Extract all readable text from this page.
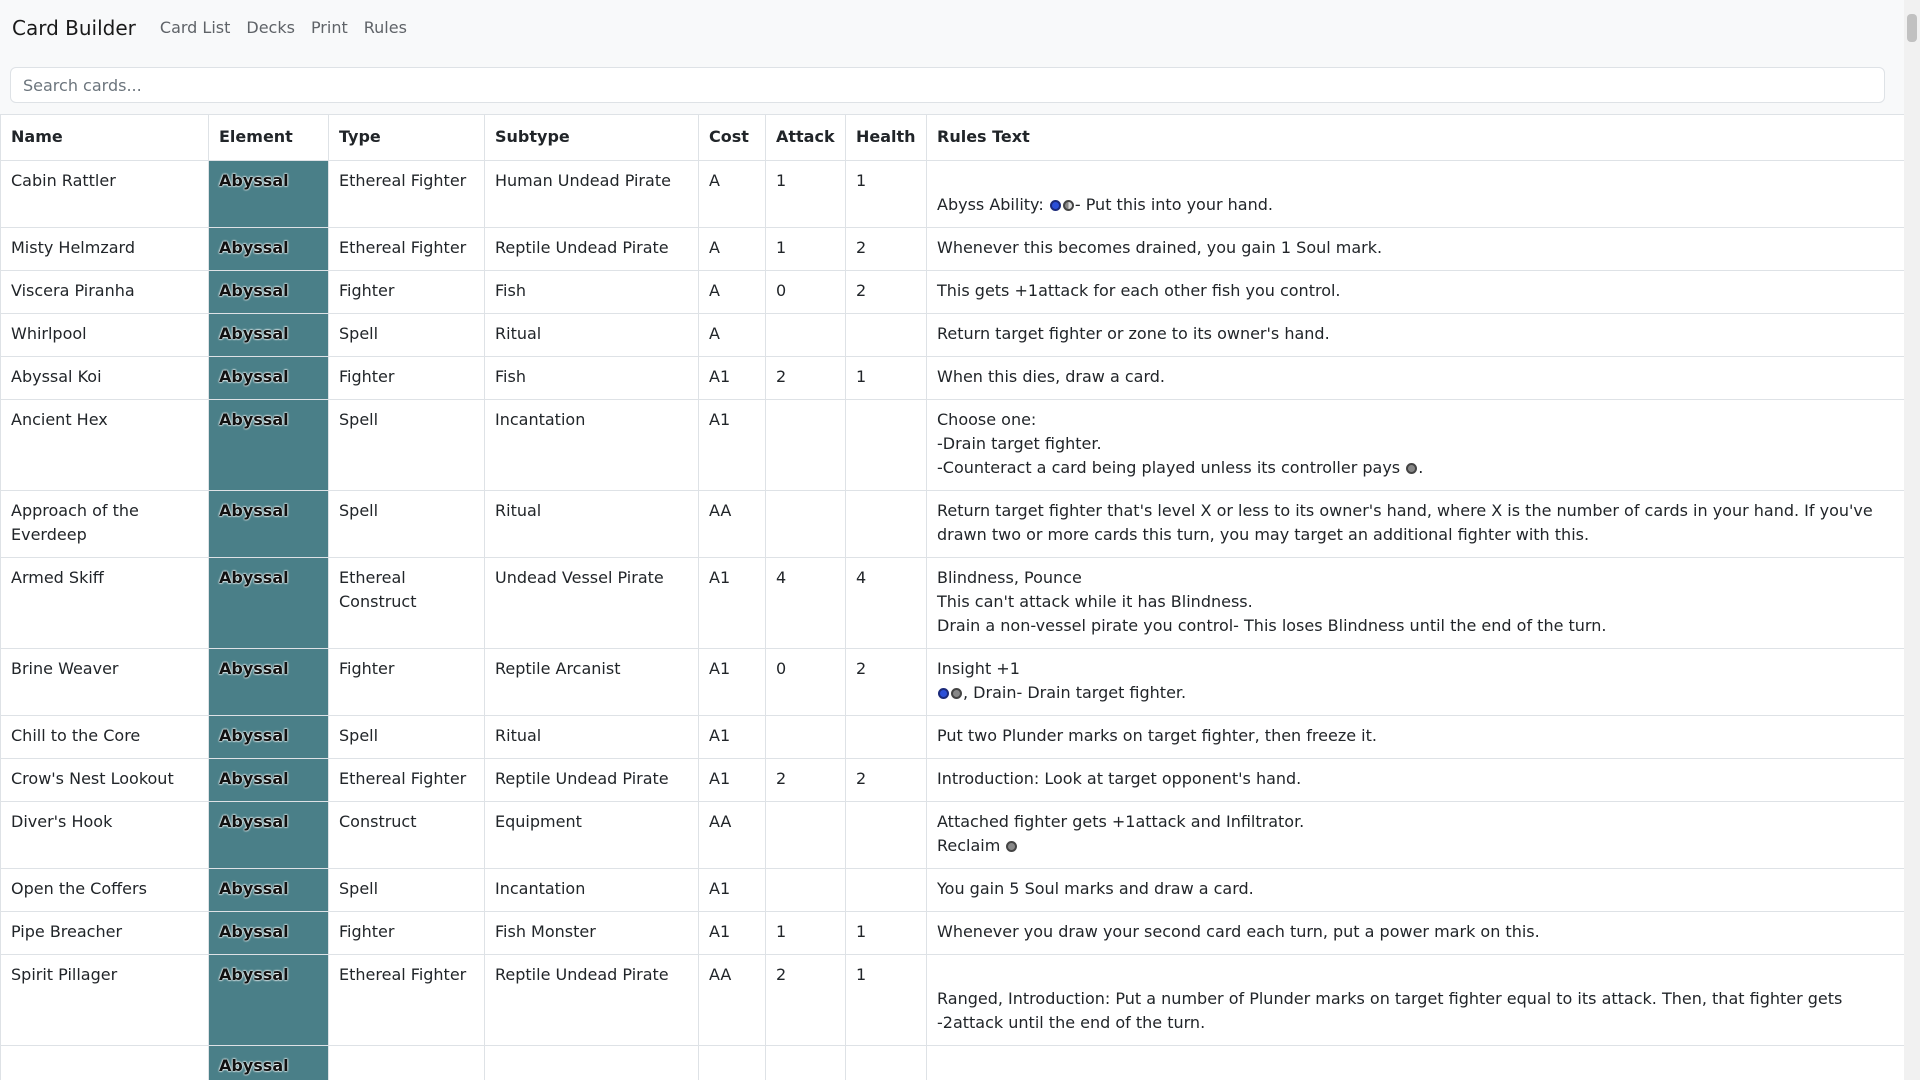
Card Builder Card List Decks Print Rules
Search cards...
Name	Element	Type	Subtype	Cost	Attack	Health	Rules Text
Cabin Rattler	Abyssal	Ethereal Fighter	Human Undead Pirate	A	1	1	Abyss Ability: - Put this into your hand.

Misty Helmzard	Abyssal	Ethereal Fighter	Reptile Undead Pirate	A	1	2	Whenever this becomes drained, you gain 1 Soul mark.

Viscera Piranha	Abyssal	Fighter	Fish	A	0	2	This gets +1attack for each other fish you control.

Whirlpool	Abyssal	Spell	Ritual	A			Return target fighter or zone to its owner's hand.

Abyssal Koi	Abyssal	Fighter	Fish	A1	2	1	When this dies, draw a card.

Ancient Hex	Abyssal	Spell	Incantation	A1			Choose one:
-Drain target fighter.
-Counteract a card being played unless its controller pays .

Approach of the Everdeep	Abyssal	Spell	Ritual	AA			Return target fighter that's level X or less to its owner's hand, where X is the number of cards in your hand. If you've drawn two or more cards this turn, you may target an additional fighter with this.

Armed Skiff	Abyssal	Ethereal Construct	Undead Vessel Pirate	A1	4	4	Blindness, Pounce
This can't attack while it has Blindness.
Drain a non-vessel pirate you control- This loses Blindness until the end of the turn.

Brine Weaver	Abyssal	Fighter	Reptile Arcanist	A1	0	2	Insight +1
, Drain- Drain target fighter.

Chill to the Core	Abyssal	Spell	Ritual	A1			Put two Plunder marks on target fighter, then freeze it.

Crow's Nest Lookout	Abyssal	Ethereal Fighter	Reptile Undead Pirate	A1	2	2	Introduction: Look at target opponent's hand.

Diver's Hook	Abyssal	Construct	Equipment	AA			Attached fighter gets +1attack and Infiltrator.
Reclaim

Open the Coffers	Abyssal	Spell	Incantation	A1			You gain 5 Soul marks and draw a card.

Pipe Breacher	Abyssal	Fighter	Fish Monster	A1	1	1	Whenever you draw your second card each turn, put a power mark on this.

Spirit Pillager	Abyssal	Ethereal Fighter	Reptile Undead Pirate	AA	2	1	Ranged, Introduction: Put a number of Plunder marks on target fighter equal to its attack. Then, that fighter gets -2attack until the end of the turn.

	Abyssal						
